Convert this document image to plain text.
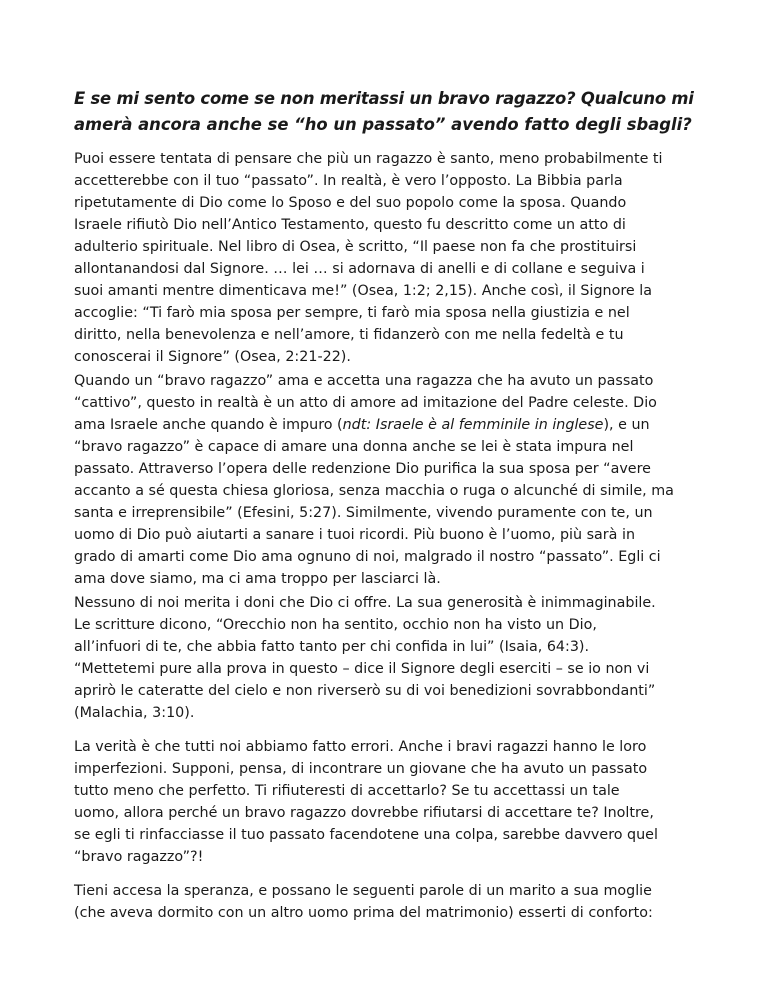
E se mi sento come se non meritassi un bravo ragazzo? Qualcuno mi
amerà ancora anche se “ho un passato” avendo fatto degli sbagli?

Puoi essere tentata di pensare che più un ragazzo è santo, meno probabilmente ti
accetterebbe con il tuo “passato”. In realtà, è vero l’opposto. La Bibbia parla
ripetutamente di Dio come lo Sposo e del suo popolo come la sposa. Quando
Israele rifiutò Dio nell’Antico Testamento, questo fu descritto come un atto di
adulterio spirituale. Nel libro di Osea, è scritto, “Il paese non fa che prostituirsi
allontanandosi dal Signore. … lei … si adornava di anelli e di collane e seguiva i
suoi amanti mentre dimenticava me!” (Osea, 1:2; 2,15). Anche così, il Signore la
accoglie: “Ti farò mia sposa per sempre, ti farò mia sposa nella giustizia e nel
diritto, nella benevolenza e nell’amore, ti fidanzerò con me nella fedeltà e tu
conoscerai il Signore” (Osea, 2:21-22).

Quando un “bravo ragazzo” ama e accetta una ragazza che ha avuto un passato
“cattivo”, questo in realtà è un atto di amore ad imitazione del Padre celeste. Dio
ama Israele anche quando è impuro (ndt: Israele è al femminile in inglese), e un
“bravo ragazzo” è capace di amare una donna anche se lei è stata impura nel
passato. Attraverso l’opera delle redenzione Dio purifica la sua sposa per “avere
accanto a sé questa chiesa gloriosa, senza macchia o ruga o alcunché di simile, ma
santa e irreprensibile” (Efesini, 5:27). Similmente, vivendo puramente con te, un
uomo di Dio può aiutarti a sanare i tuoi ricordi. Più buono è l’uomo, più sarà in
grado di amarti come Dio ama ognuno di noi, malgrado il nostro “passato”. Egli ci
ama dove siamo, ma ci ama troppo per lasciarci là.

Nessuno di noi merita i doni che Dio ci offre. La sua generosità è inimmaginabile.
Le scritture dicono, “Orecchio non ha sentito, occhio non ha visto un Dio,
all’infuori di te, che abbia fatto tanto per chi confida in lui” (Isaia, 64:3).
“Mettetemi pure alla prova in questo – dice il Signore degli eserciti – se io non vi
aprirò le cateratte del cielo e non riverserò su di voi benedizioni sovrabbondanti”
(Malachia, 3:10).

La verità è che tutti noi abbiamo fatto errori. Anche i bravi ragazzi hanno le loro
imperfezioni. Supponi, pensa, di incontrare un giovane che ha avuto un passato
tutto meno che perfetto. Ti rifiuteresti di accettarlo? Se tu accettassi un tale
uomo, allora perché un bravo ragazzo dovrebbe rifiutarsi di accettare te? Inoltre,
se egli ti rinfacciasse il tuo passato facendotene una colpa, sarebbe davvero quel
“bravo ragazzo”?!

Tieni accesa la speranza, e possano le seguenti parole di un marito a sua moglie
(che aveva dormito con un altro uomo prima del matrimonio) esserti di conforto:
